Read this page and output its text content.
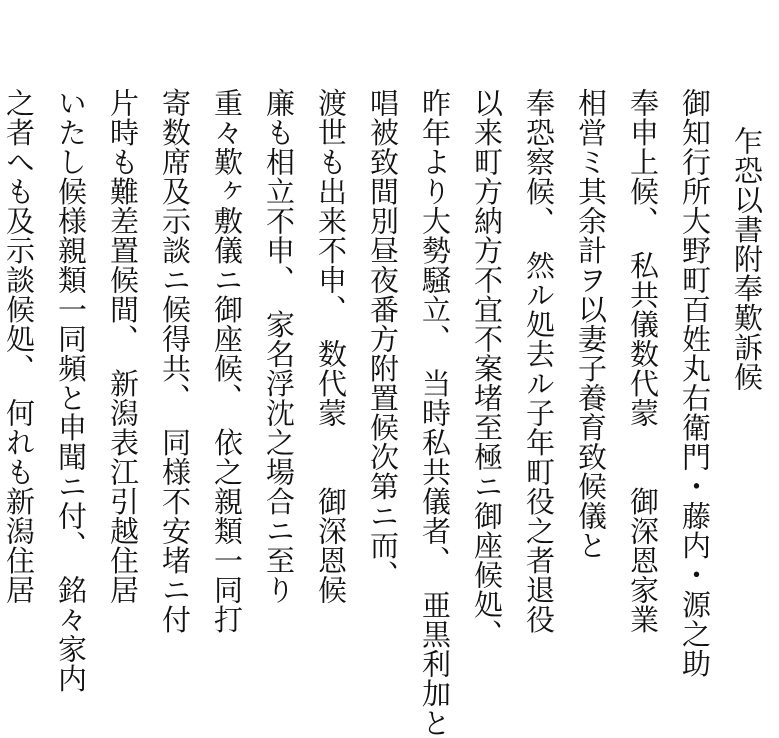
乍恐以書附奉歎訴候
御知行所大野町百姓丸右衛門・藤内・源之助
奉申上候、　私共儀数代蒙　　御深恩家業
相営ミ其余計ヲ以妻子養育致候儀と
奉恐察候、　然ル処去ル子年町役之者退役
以来町方納方不宜不案堵至極ニ御座候処、
昨年より大勢騒立、　当時私共儀者、　亜黒利加と
唱被致間別昼夜番方附置候次第ニ而、
渡世も出来不申、　数代蒙　　御深恩候
廉も相立不申、　家名浮沈之場合ニ至り
重々歎ヶ敷儀ニ御座候、　依之親類一同打
寄数席及示談ニ候得共、　同様不安堵ニ付
片時も難差置候間、　新潟表江引越住居
いたし候様親類一同頻と申聞ニ付、　銘々家内
之者へも及示談候処、　何れも新潟住居
